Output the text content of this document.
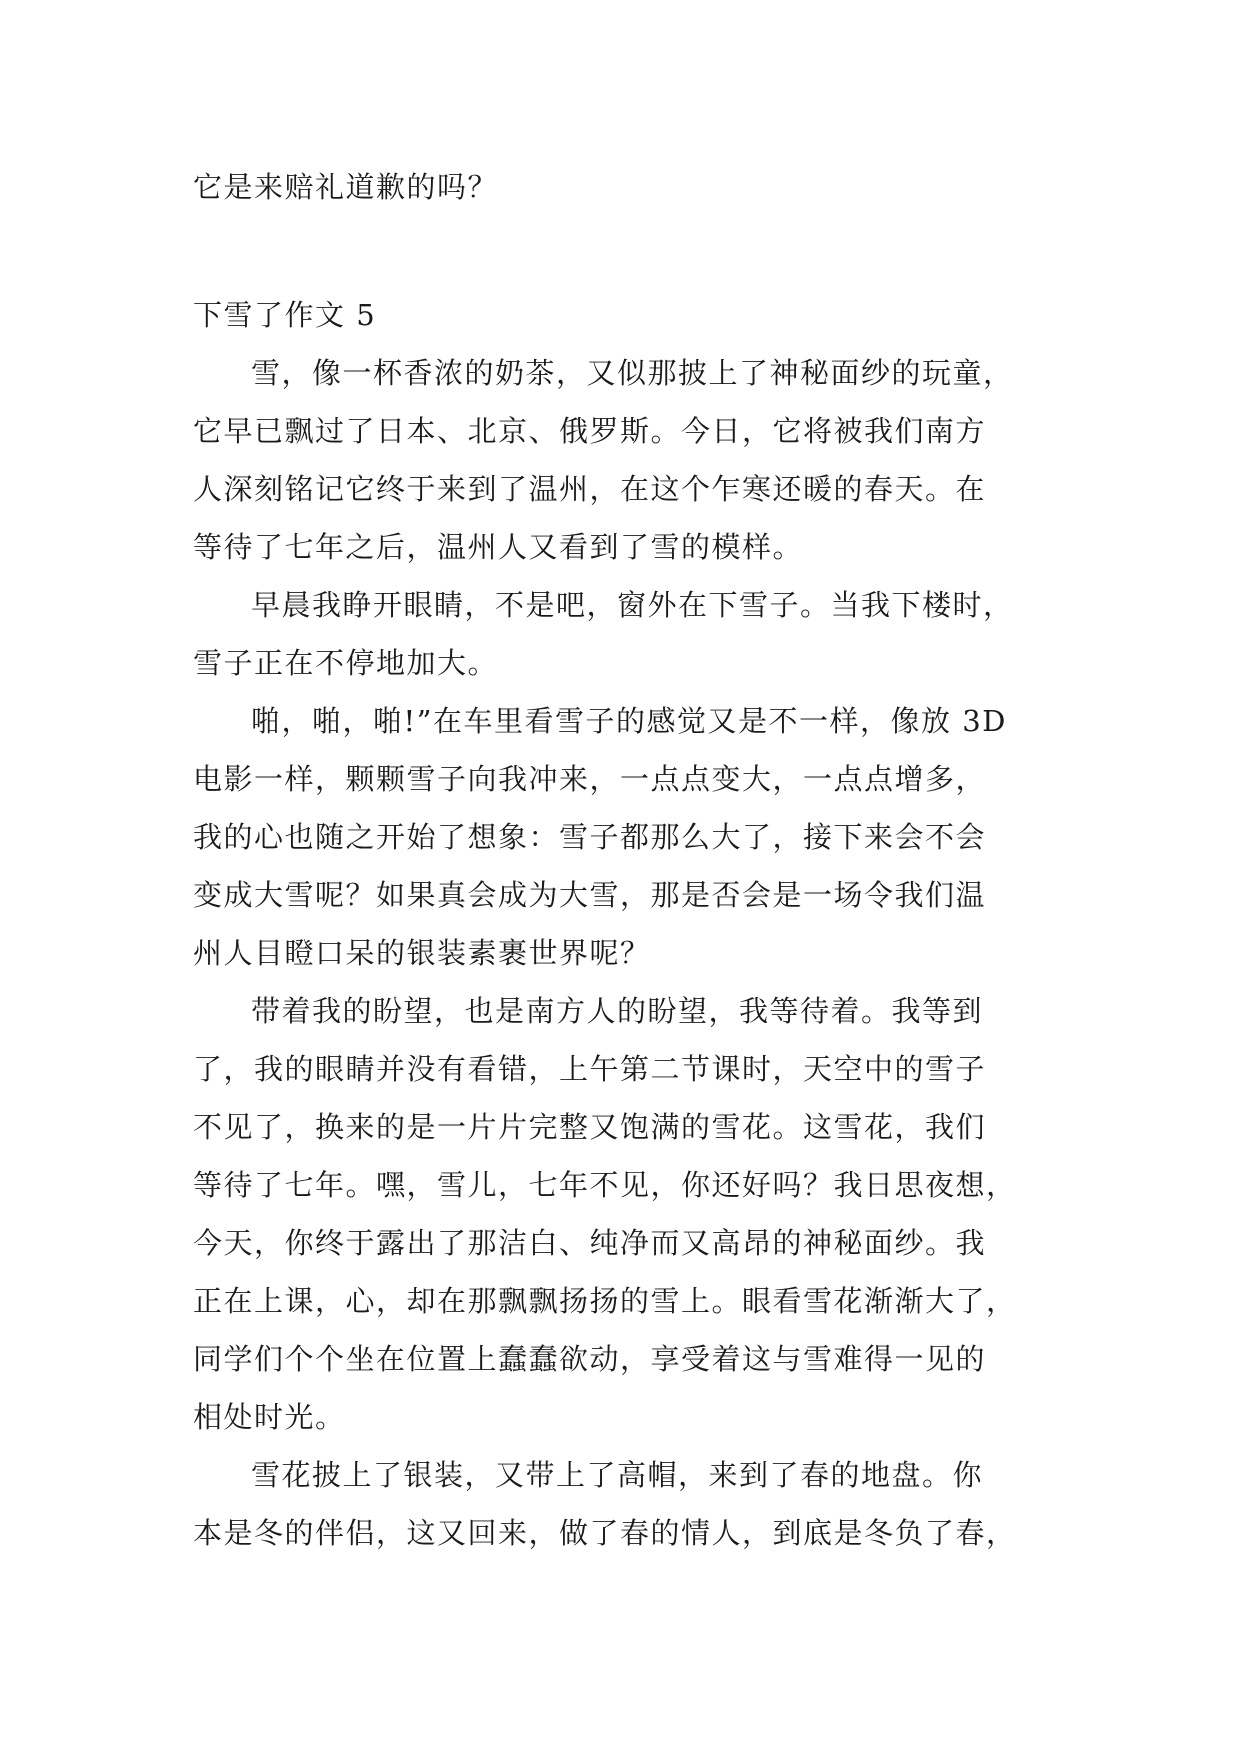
它是来赔礼道歉的吗？

下雪了作文 5

雪，像一杯香浓的奶茶，又似那披上了神秘面纱的玩童，
它早已飘过了日本、北京、俄罗斯。今日，它将被我们南方
人深刻铭记它终于来到了温州，在这个乍寒还暖的春天。在
等待了七年之后，温州人又看到了雪的模样。
早晨我睁开眼睛，不是吧，窗外在下雪子。当我下楼时，
雪子正在不停地加大。
啪，啪，啪!”在车里看雪子的感觉又是不一样，像放 3D
电影一样，颗颗雪子向我冲来，一点点变大，一点点增多，
我的心也随之开始了想象：雪子都那么大了，接下来会不会
变成大雪呢？如果真会成为大雪，那是否会是一场令我们温
州人目瞪口呆的银装素裹世界呢？
带着我的盼望，也是南方人的盼望，我等待着。我等到
了，我的眼睛并没有看错，上午第二节课时，天空中的雪子
不见了，换来的是一片片完整又饱满的雪花。这雪花，我们
等待了七年。嘿，雪儿，七年不见，你还好吗？我日思夜想，
今天，你终于露出了那洁白、纯净而又高昂的神秘面纱。我
正在上课，心，却在那飘飘扬扬的雪上。眼看雪花渐渐大了，
同学们个个坐在位置上蠢蠢欲动，享受着这与雪难得一见的
相处时光。
雪花披上了银装，又带上了高帽，来到了春的地盘。你
本是冬的伴侣，这又回来，做了春的情人，到底是冬负了春，
